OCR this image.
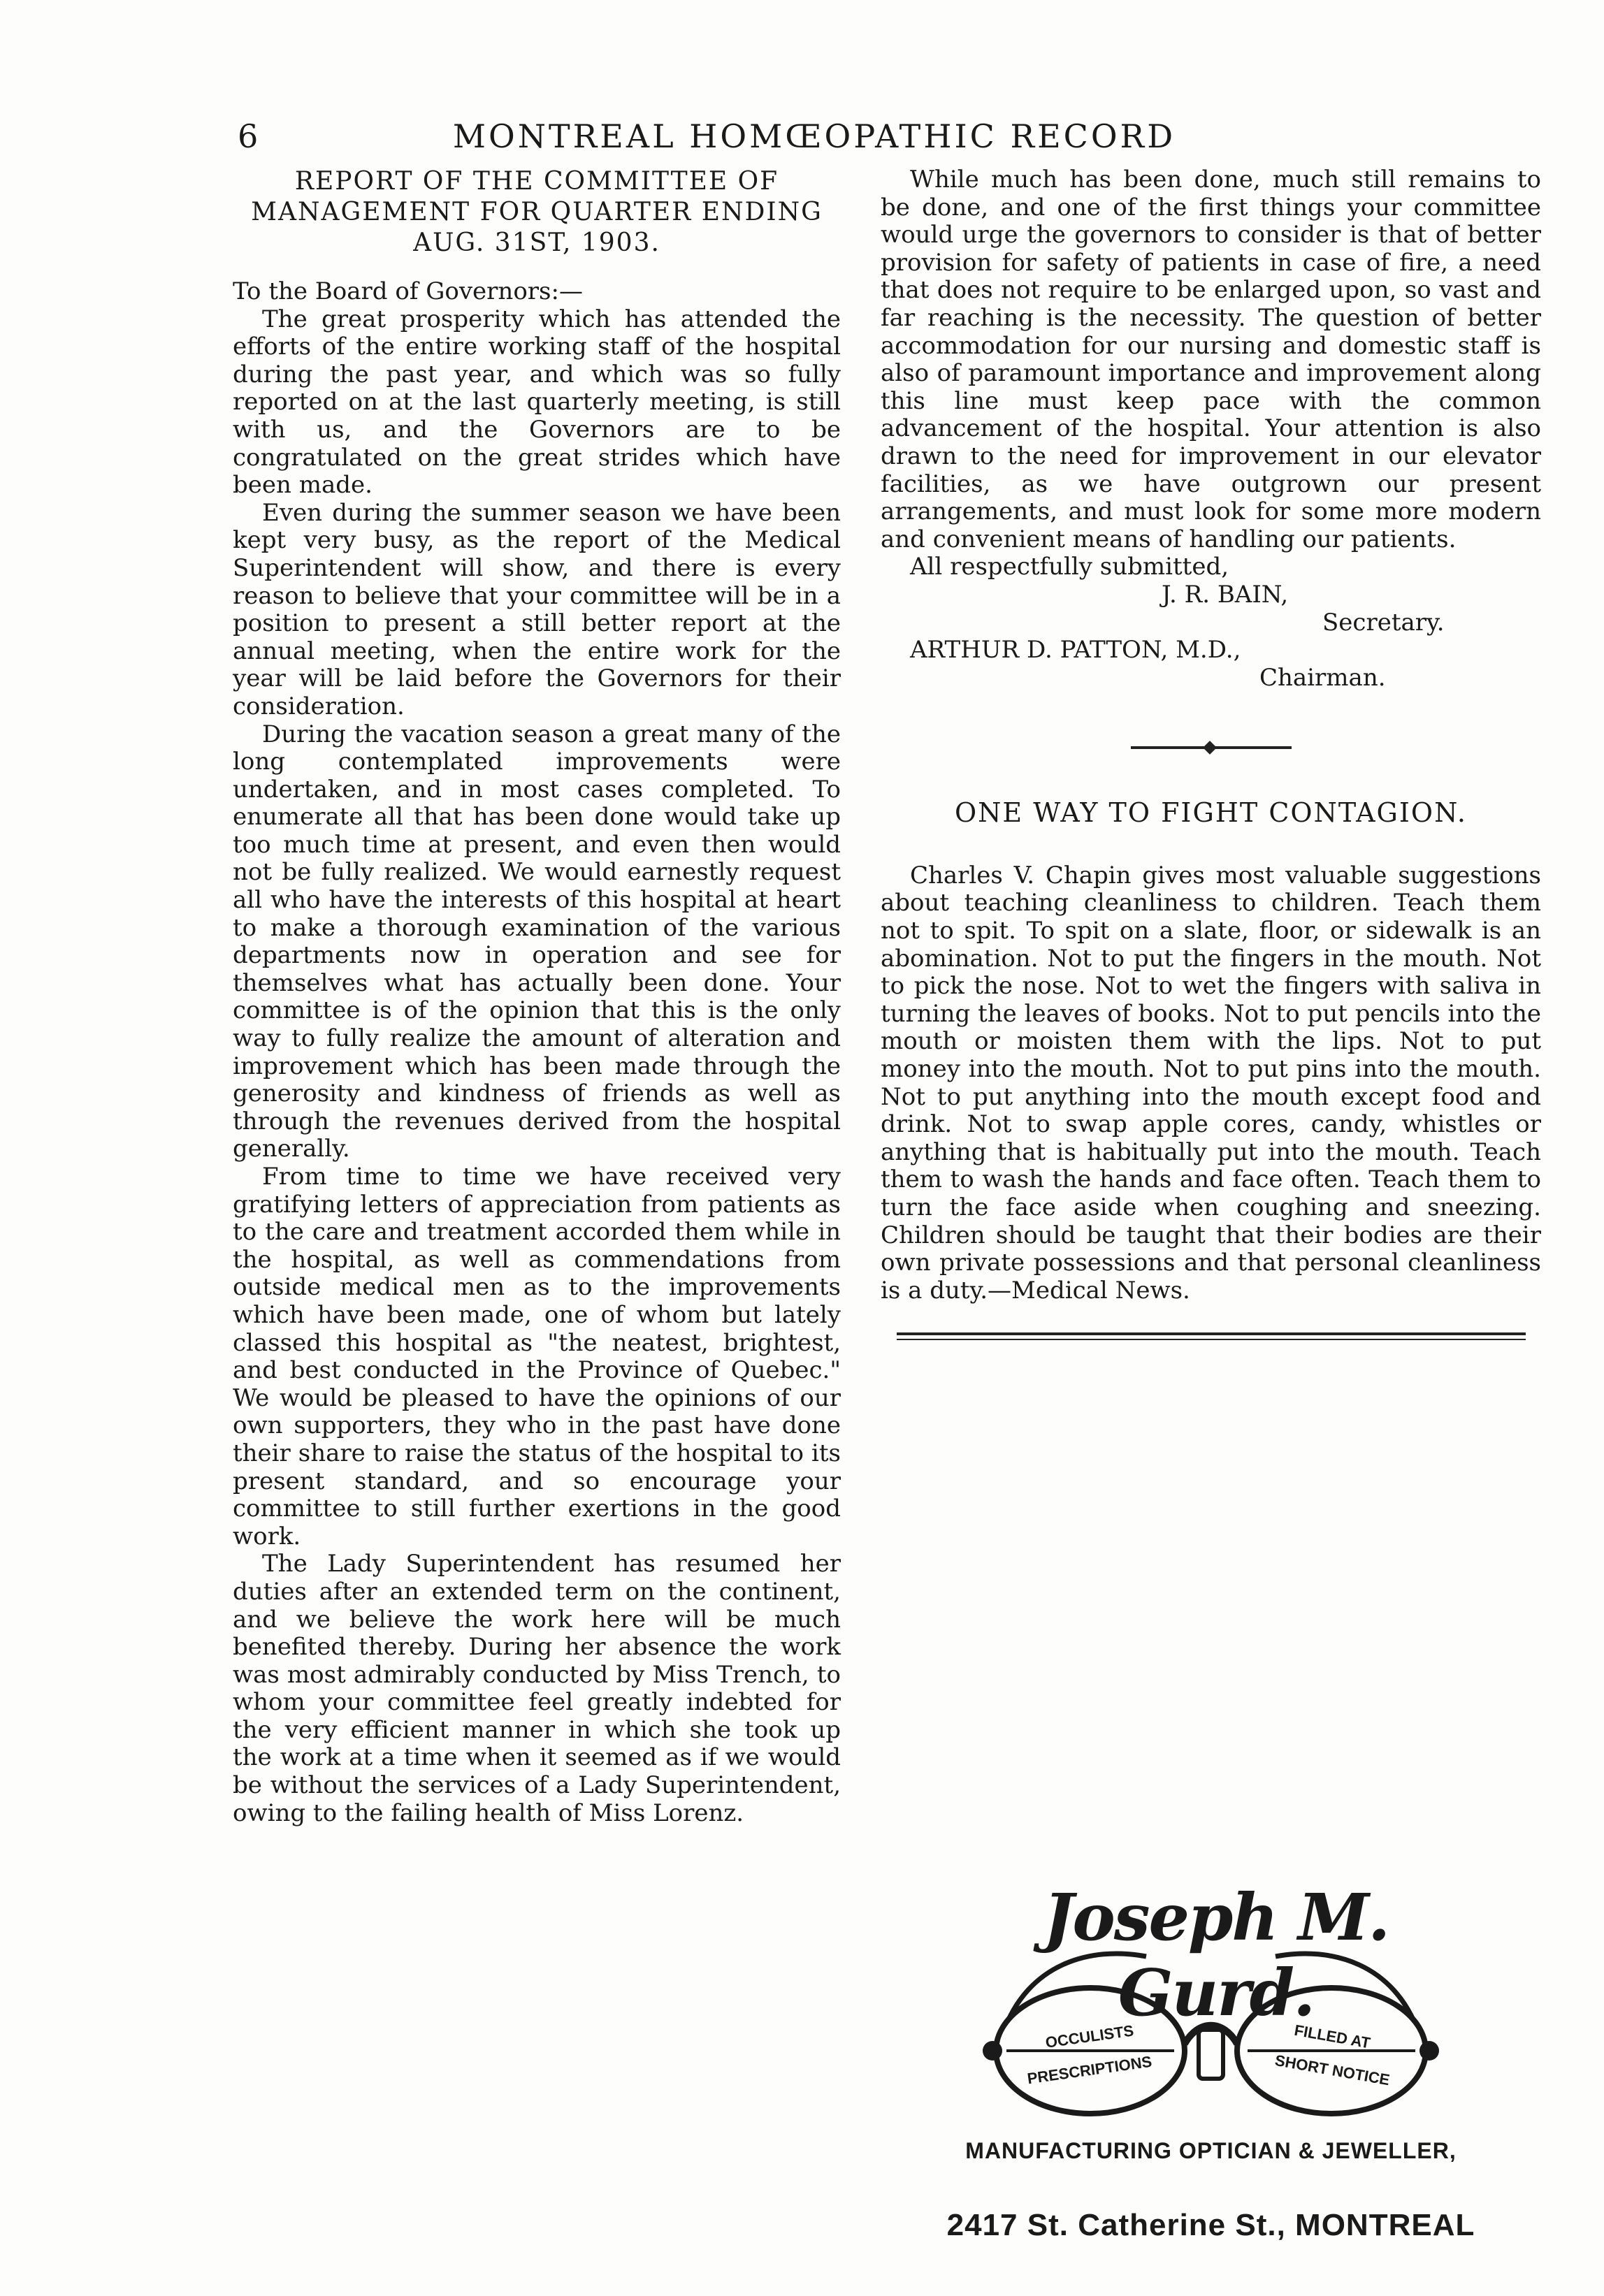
6	MONTREAL HOMŒOPATHIC RECORD
REPORT OF THE COMMITTEE OF MANAGEMENT FOR QUARTER ENDING AUG. 31ST, 1903.

To the Board of Governors:—

The great prosperity which has attended the efforts of the entire working staff of the hospital during the past year, and which was so fully reported on at the last quarterly meeting, is still with us, and the Governors are to be congratulated on the great strides which have been made.

Even during the summer season we have been kept very busy, as the report of the Medical Superintendent will show, and there is every reason to believe that your committee will be in a position to present a still better report at the annual meeting, when the entire work for the year will be laid before the Governors for their consideration.

During the vacation season a great many of the long contemplated improvements were undertaken, and in most cases completed. To enumerate all that has been done would take up too much time at present, and even then would not be fully realized. We would earnestly request all who have the interests of this hospital at heart to make a thorough examination of the various departments now in operation and see for themselves what has actually been done. Your committee is of the opinion that this is the only way to fully realize the amount of alteration and improvement which has been made through the generosity and kindness of friends as well as through the revenues derived from the hospital generally.

From time to time we have received very gratifying letters of appreciation from patients as to the care and treatment accorded them while in the hospital, as well as commendations from outside medical men as to the improvements which have been made, one of whom but lately classed this hospital as "the neatest, brightest, and best conducted in the Province of Quebec." We would be pleased to have the opinions of our own supporters, they who in the past have done their share to raise the status of the hospital to its present standard, and so encourage your committee to still further exertions in the good work.

The Lady Superintendent has resumed her duties after an extended term on the continent, and we believe the work here will be much benefited thereby. During her absence the work was most admirably conducted by Miss Trench, to whom your committee feel greatly indebted for the very efficient manner in which she took up the work at a time when it seemed as if we would be without the services of a Lady Superintendent, owing to the failing health of Miss Lorenz.

While much has been done, much still remains to be done, and one of the first things your committee would urge the governors to consider is that of better provision for safety of patients in case of fire, a need that does not require to be enlarged upon, so vast and far reaching is the necessity. The question of better accommodation for our nursing and domestic staff is also of paramount importance and improvement along this line must keep pace with the common advancement of the hospital. Your attention is also drawn to the need for improvement in our elevator facilities, as we have outgrown our present arrangements, and must look for some more modern and convenient means of handling our patients.

All respectfully submitted,

J. R. BAIN,

Secretary.

ARTHUR D. PATTON, M.D.,

Chairman.

ONE WAY TO FIGHT CONTAGION.

Charles V. Chapin gives most valuable suggestions about teaching cleanliness to children. Teach them not to spit. To spit on a slate, floor, or sidewalk is an abomination. Not to put the fingers in the mouth. Not to pick the nose. Not to wet the fingers with saliva in turning the leaves of books. Not to put pencils into the mouth or moisten them with the lips. Not to put money into the mouth. Not to put pins into the mouth. Not to put anything into the mouth except food and drink. Not to swap apple cores, candy, whistles or anything that is habitually put into the mouth. Teach them to wash the hands and face often. Teach them to turn the face aside when coughing and sneezing. Children should be taught that their bodies are their own private possessions and that personal cleanliness is a duty.—Medical News.

OCCULISTS
PRESCRIPTIONS
FILLED AT
SHORT NOTICE
Joseph M. Gurd.
MANUFACTURING OPTICIAN & JEWELLER,
2417 St. Catherine St., MONTREAL
